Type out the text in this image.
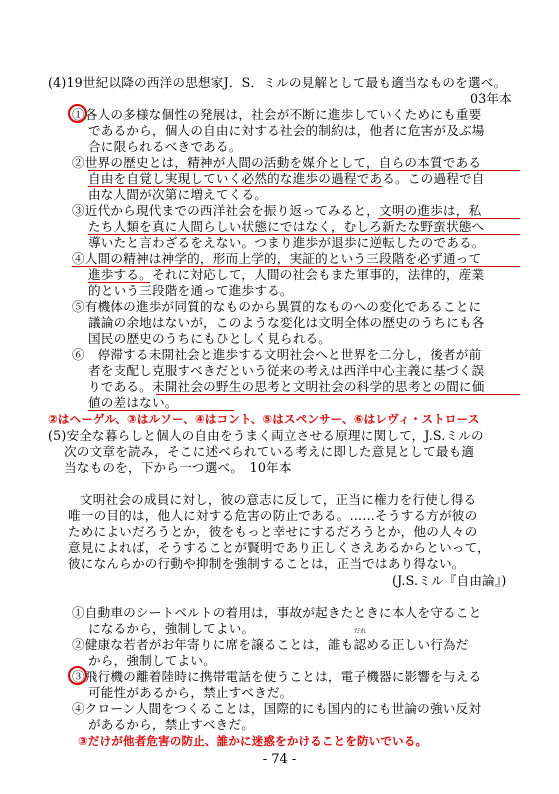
(4)19世紀以降の西洋の思想家J．S．ミルの見解として最も適当なものを選べ。
03年本
①各人の多様な個性の発展は，社会が不断に進歩していくためにも重要
であるから，個人の自由に対する社会的制約は，他者に危害が及ぶ場
合に限られるべきである。
②世界の歴史とは，精神が人間の活動を媒介として，自らの本質である
自由を自覚し実現していく必然的な進歩の過程である。この過程で自
由な人間が次第に増えてくる。
③近代から現代までの西洋社会を振り返ってみると，文明の進歩は，私
たち人類を真に人間らしい状態にではなく，むしろ新たな野蛮状態へ
導いたと言わざるをえない。つまり進歩が退歩に逆転したのである。
④人間の精神は神学的，形而上学的，実証的という三段階を必ず通って
進歩する。それに対応して，人間の社会もまた軍事的，法律的，産業
的という三段階を通って進歩する。
⑤有機体の進歩が同質的なものから異質的なものへの変化であることに
議論の余地はないが，このような変化は文明全体の歴史のうちにも各
国民の歴史のうちにもひとしく見られる。
⑥　停滞する未開社会と進歩する文明社会へと世界を二分し，後者が前
者を支配し克服すべきだという従来の考えは西洋中心主義に基づく誤
りである。未開社会の野生の思考と文明社会の科学的思考との間に価
値の差はない。
②はヘーゲル、③はルソー、④はコント、⑤はスペンサー、⑥はレヴィ・ストロース
(5)安全な暮らしと個人の自由をうまく両立させる原理に関して，J.S.ミルの
次の文章を読み，そこに述べられている考えに即した意見として最も適
当なものを，下から一つ選べ。　10年本
文明社会の成員に対し，彼の意志に反して，正当に権力を行使し得る
唯一の目的は，他人に対する危害の防止である。……そうする方が彼の
ためによいだろうとか，彼をもっと幸せにするだろうとか，他の人々の
意見によれば，そうすることが賢明であり正しくさえあるからといって，
彼になんらかの行動や抑制を強制することは，正当ではあり得ない。
(J.S.ミル『自由論』)
①自動車のシートベルトの着用は，事故が起きたときに本人を守ること
になるから，強制してよい。	だれ
②健康な若者がお年寄りに席を譲ることは，誰も認める正しい行為だ
から，強制してよい。
③飛行機の離着陸時に携帯電話を使うことは，電子機器に影響を与える
可能性があるから，禁止すべきだ。
④クローン人間をつくることは，国際的にも国内的にも世論の強い反対
があるから，禁止すべきだ。
③だけが他者危害の防止、誰かに迷惑をかけることを防いでいる。
- 74 -
